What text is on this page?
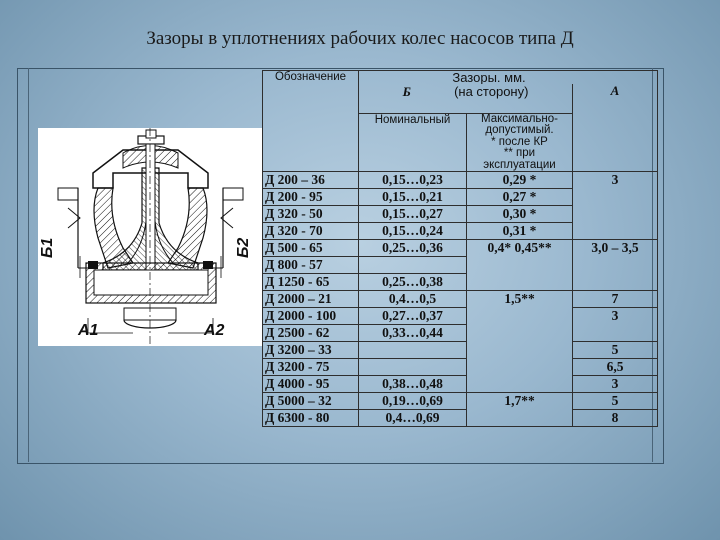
Зазоры в уплотнениях рабочих колес насосов типа Д
Б1	Б2
А1	А2
Обозначение	Зазоры. мм.		
	Б (на сторону)		А
	Номинальный	Максимально-допустимый.
* после КР
** при эксплуатации	

Д 200 – 36	0,15…0,23	0,29 *	3
Д 200 - 95	0,15…0,21	0,27 *	
Д 320 - 50	0,15…0,27	0,30 *	
Д 320 - 70	0,15…0,24	0,31 *	
Д 500 - 65	0,25…0,36	0,4* 0,45**	3,0 – 3,5
Д 800 - 57			
Д 1250 - 65	0,25…0,38		
Д 2000 – 21	0,4…0,5	1,5**	7
Д 2000 - 100	0,27…0,37		3
Д 2500 - 62	0,33…0,44		
Д 3200 – 33			5
Д 3200 - 75			6,5
Д 4000 - 95	0,38…0,48		3
Д 5000 – 32	0,19…0,69	1,7**	5
Д 6300 - 80	0,4…0,69		8
